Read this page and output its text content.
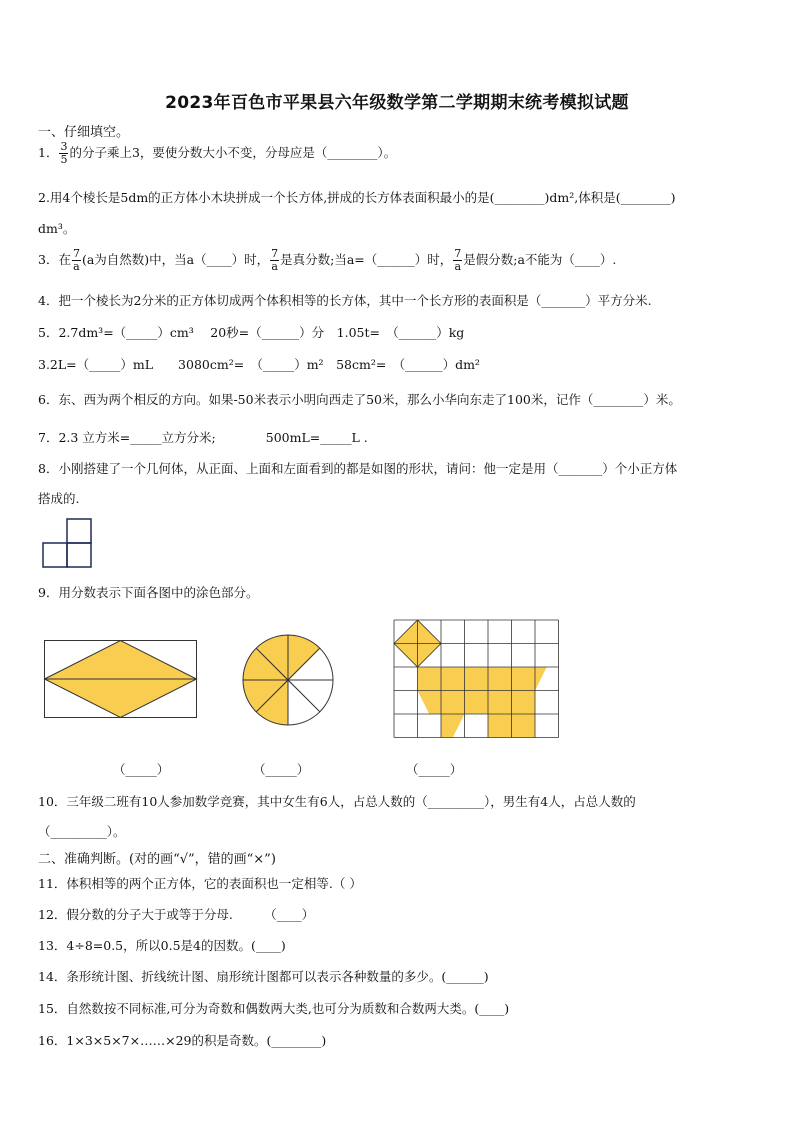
2023年百色市平果县六年级数学第二学期期末统考模拟试题
一、仔细填空。
1． $\frac{3}{5}$ 的分子乘上3，要使分数大小不变，分母应是（________）。
2.用4个棱长是5dm的正方体小木块拼成一个长方体,拼成的长方体表面积最小的是(________)dm²,体积是(________)
dm³。
3．在 $\frac{7}{a} (a$为自然数)中，当a（____）时， $\frac{7}{a}$ 是真分数;当a=（______）时， $\frac{7}{a}$ 是假分数;a不能为（____）.
4．把一个棱长为2分米的正方体切成两个体积相等的长方体，其中一个长方形的表面积是（_______）平方分米.
5．2.7dm³=（_____）cm³　 20秒=（______）分　1.05t=　（______）kg
3.2L=（_____）mL　　3080cm²=　（_____）m²　58cm²=　（______）dm²
6．东、西为两个相反的方向。如果-50米表示小明向西走了50米，那么小华向东走了100米，记作（________）米。
7．2.3 立方米=_____立方分米;　　　　500mL=_____L .
8．小刚搭建了一个几何体，从正面、上面和左面看到的都是如图的形状，请问：他一定是用（_______）个小正方体
搭成的.
9．用分数表示下面各图中的涂色部分。
（_____）	（_____）	（_____）
10．三年级二班有10人参加数学竞赛，其中女生有6人，占总人数的（_________），男生有4人，占总人数的
（_________）。
二、准确判断。(对的画“√”，错的画“×”)
11．体积相等的两个正方体，它的表面积也一定相等.（ ）
12．假分数的分子大于或等于分母.　　　（____）
13．4÷8=0.5，所以0.5是4的因数。(____)
14．条形统计图、折线统计图、扇形统计图都可以表示各种数量的多少。(______)
15．自然数按不同标准,可分为奇数和偶数两大类,也可分为质数和合数两大类。(____)
16．1×3×5×7×……×29的积是奇数。(________)
